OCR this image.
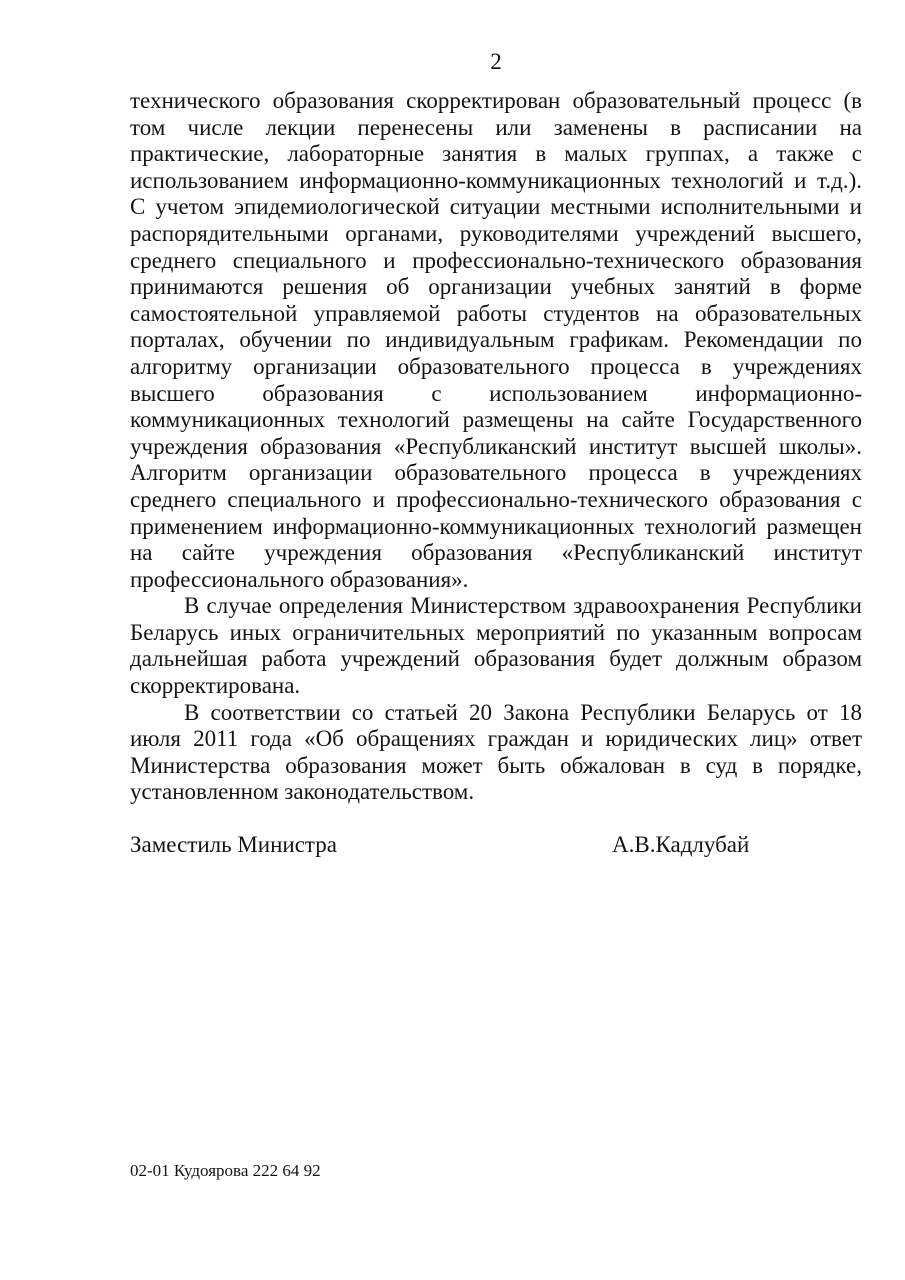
2

технического образования скорректирован образовательный процесс (в том числе лекции перенесены или заменены в расписании на практические, лабораторные занятия в малых группах, а также с использованием информационно-коммуникационных технологий и т.д.). С учетом эпидемиологической ситуации местными исполнительными и распорядительными органами, руководителями учреждений высшего, среднего специального и профессионально-технического образования принимаются решения об организации учебных занятий в форме самостоятельной управляемой работы студентов на образовательных порталах, обучении по индивидуальным графикам. Рекомендации по алгоритму организации образовательного процесса в учреждениях высшего образования с использованием информационно-коммуникационных технологий размещены на сайте Государственного учреждения образования «Республиканский институт высшей школы». Алгоритм организации образовательного процесса в учреждениях среднего специального и профессионально-технического образования с применением информационно-коммуникационных технологий размещен на сайте учреждения образования «Республиканский институт профессионального образования».

В случае определения Министерством здравоохранения Республики Беларусь иных ограничительных мероприятий по указанным вопросам дальнейшая работа учреждений образования будет должным образом скорректирована.

В соответствии со статьей 20 Закона Республики Беларусь от 18 июля 2011 года «Об обращениях граждан и юридических лиц» ответ Министерства образования может быть обжалован в суд в порядке, установленном законодательством.

Заместиль Министра	А.В.Кадлубай
02-01 Кудоярова 222 64 92
